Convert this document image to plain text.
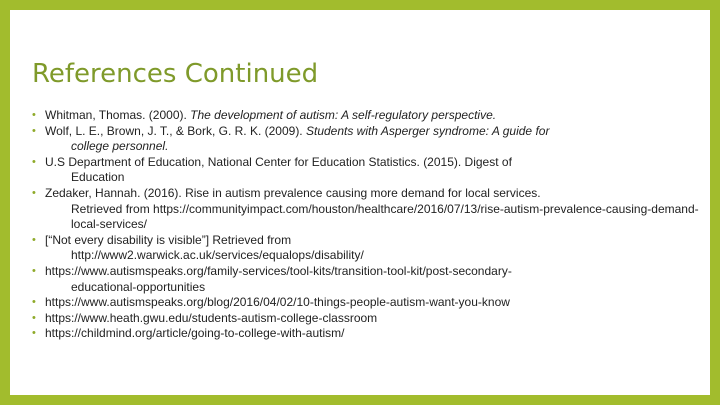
References Continued
• Whitman, Thomas. (2000). The development of autism: A self-regulatory perspective.
• Wolf, L. E., Brown, J. T., & Bork, G. R. K. (2009). Students with Asperger syndrome: A guide for
college personnel.
• U.S Department of Education, National Center for Education Statistics. (2015). Digest of
Education
• Zedaker, Hannah. (2016). Rise in autism prevalence causing more demand for local services.
Retrieved from https://communityimpact.com/houston/healthcare/2016/07/13/rise-autism-prevalence-causing-demand-local-services/
• [“Not every disability is visible”] Retrieved from
http://www2.warwick.ac.uk/services/equalops/disability/
• https://www.autismspeaks.org/family-services/tool-kits/transition-tool-kit/post-secondary-
educational-opportunities
• https://www.autismspeaks.org/blog/2016/04/02/10-things-people-autism-want-you-know
• https://www.heath.gwu.edu/students-autism-college-classroom
• https://childmind.org/article/going-to-college-with-autism/
